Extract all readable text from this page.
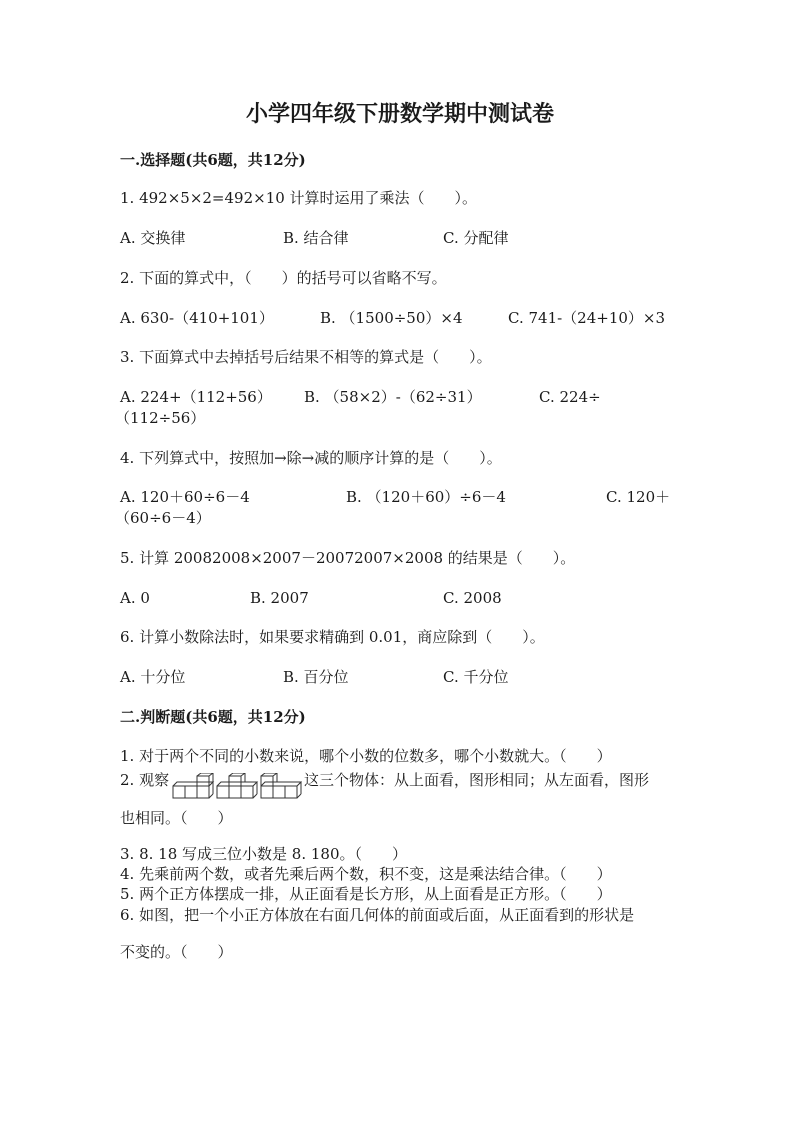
小学四年级下册数学期中测试卷
一.选择题(共6题，共12分)
1. 492×5×2=492×10 计算时运用了乘法（　　）。
A. 交换律	B. 结合律	C. 分配律
2. 下面的算式中，（　　）的括号可以省略不写。
A. 630-（410+101）	B. （1500÷50）×4	C. 741-（24+10）×3
3. 下面算式中去掉括号后结果不相等的算式是（　　）。
A. 224+（112+56） B. （58×2）-（62÷31）	C. 224÷
（112÷56）
4. 下列算式中，按照加→除→减的顺序计算的是（　　）。
A. 120＋60÷6－4	B. （120＋60）÷6－4	C. 120＋
（60÷6－4）
5. 计算 20082008×2007－20072007×2008 的结果是（　　）。
A. 0	B. 2007	C. 2008
6. 计算小数除法时，如果要求精确到 0.01，商应除到（　　）。
A. 十分位	B. 百分位	C. 千分位
二.判断题(共6题，共12分)
1. 对于两个不同的小数来说，哪个小数的位数多，哪个小数就大。（　　）
2. 观察	这三个物体：从上面看，图形相同；从左面看，图形
也相同。（　　）
3. 8. 18 写成三位小数是 8. 180。（　　）
4. 先乘前两个数，或者先乘后两个数，积不变，这是乘法结合律。（　　）
5. 两个正方体摆成一排，从正面看是长方形，从上面看是正方形。（　　）
6. 如图，把一个小正方体放在右面几何体的前面或后面，从正面看到的形状是
不变的。（　　）
